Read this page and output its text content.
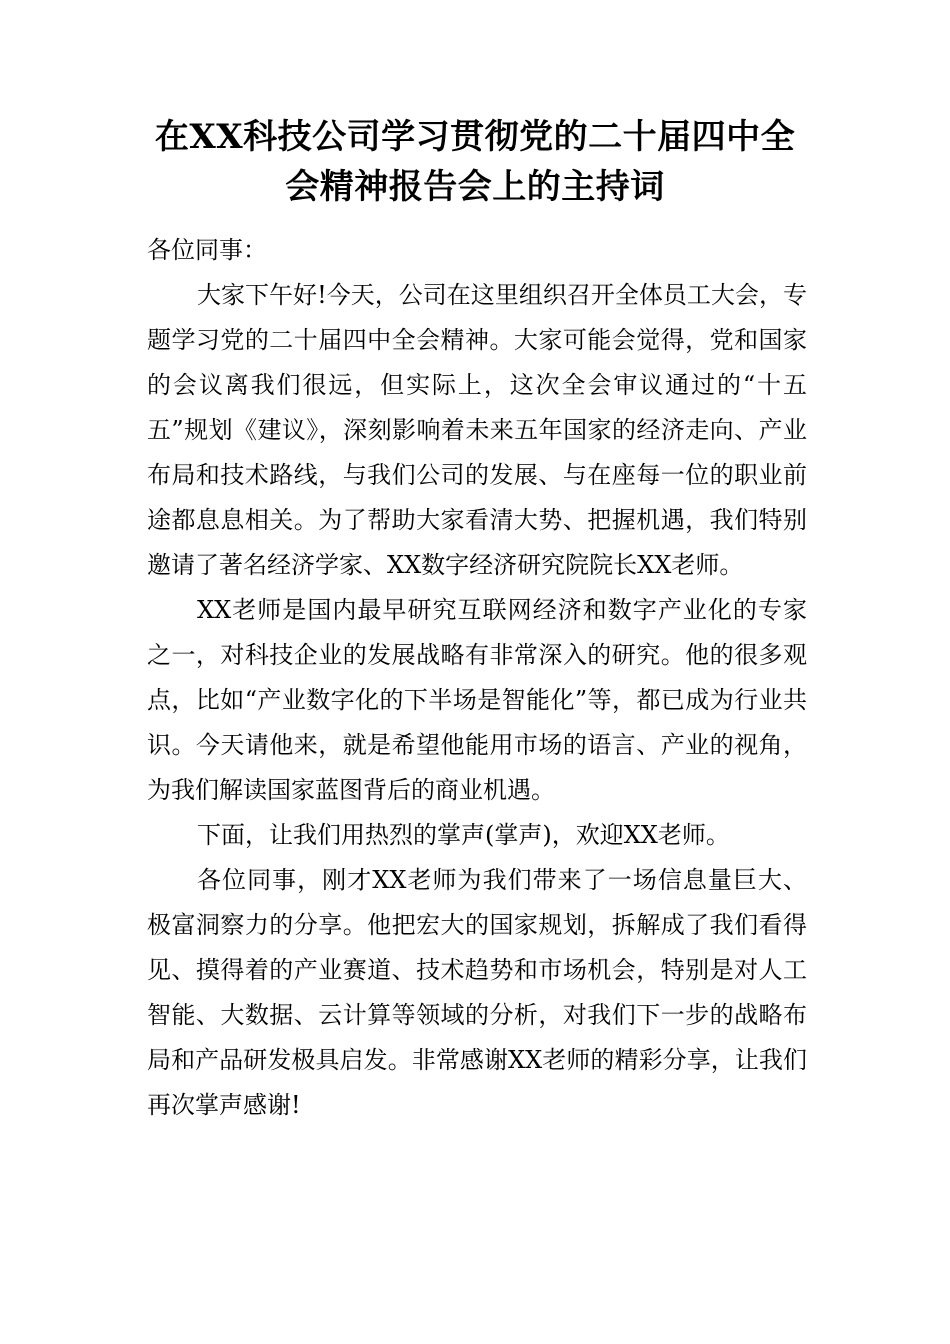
在XX科技公司学习贯彻党的二十届四中全
会精神报告会上的主持词

各位同事：

大家下午好!今天，公司在这里组织召开全体员工大会，专题学习党的二十届四中全会精神。大家可能会觉得，党和国家的会议离我们很远，但实际上，这次全会审议通过的“十五五”规划《建议》，深刻影响着未来五年国家的经济走向、产业布局和技术路线，与我们公司的发展、与在座每一位的职业前途都息息相关。为了帮助大家看清大势、把握机遇，我们特别邀请了著名经济学家、XX数字经济研究院院长XX老师。

XX老师是国内最早研究互联网经济和数字产业化的专家之一，对科技企业的发展战略有非常深入的研究。他的很多观点，比如“产业数字化的下半场是智能化”等，都已成为行业共识。今天请他来，就是希望他能用市场的语言、产业的视角，为我们解读国家蓝图背后的商业机遇。

下面，让我们用热烈的掌声(掌声)，欢迎XX老师。

各位同事，刚才XX老师为我们带来了一场信息量巨大、极富洞察力的分享。他把宏大的国家规划，拆解成了我们看得见、摸得着的产业赛道、技术趋势和市场机会，特别是对人工智能、大数据、云计算等领域的分析，对我们下一步的战略布局和产品研发极具启发。非常感谢XX老师的精彩分享，让我们再次掌声感谢!
